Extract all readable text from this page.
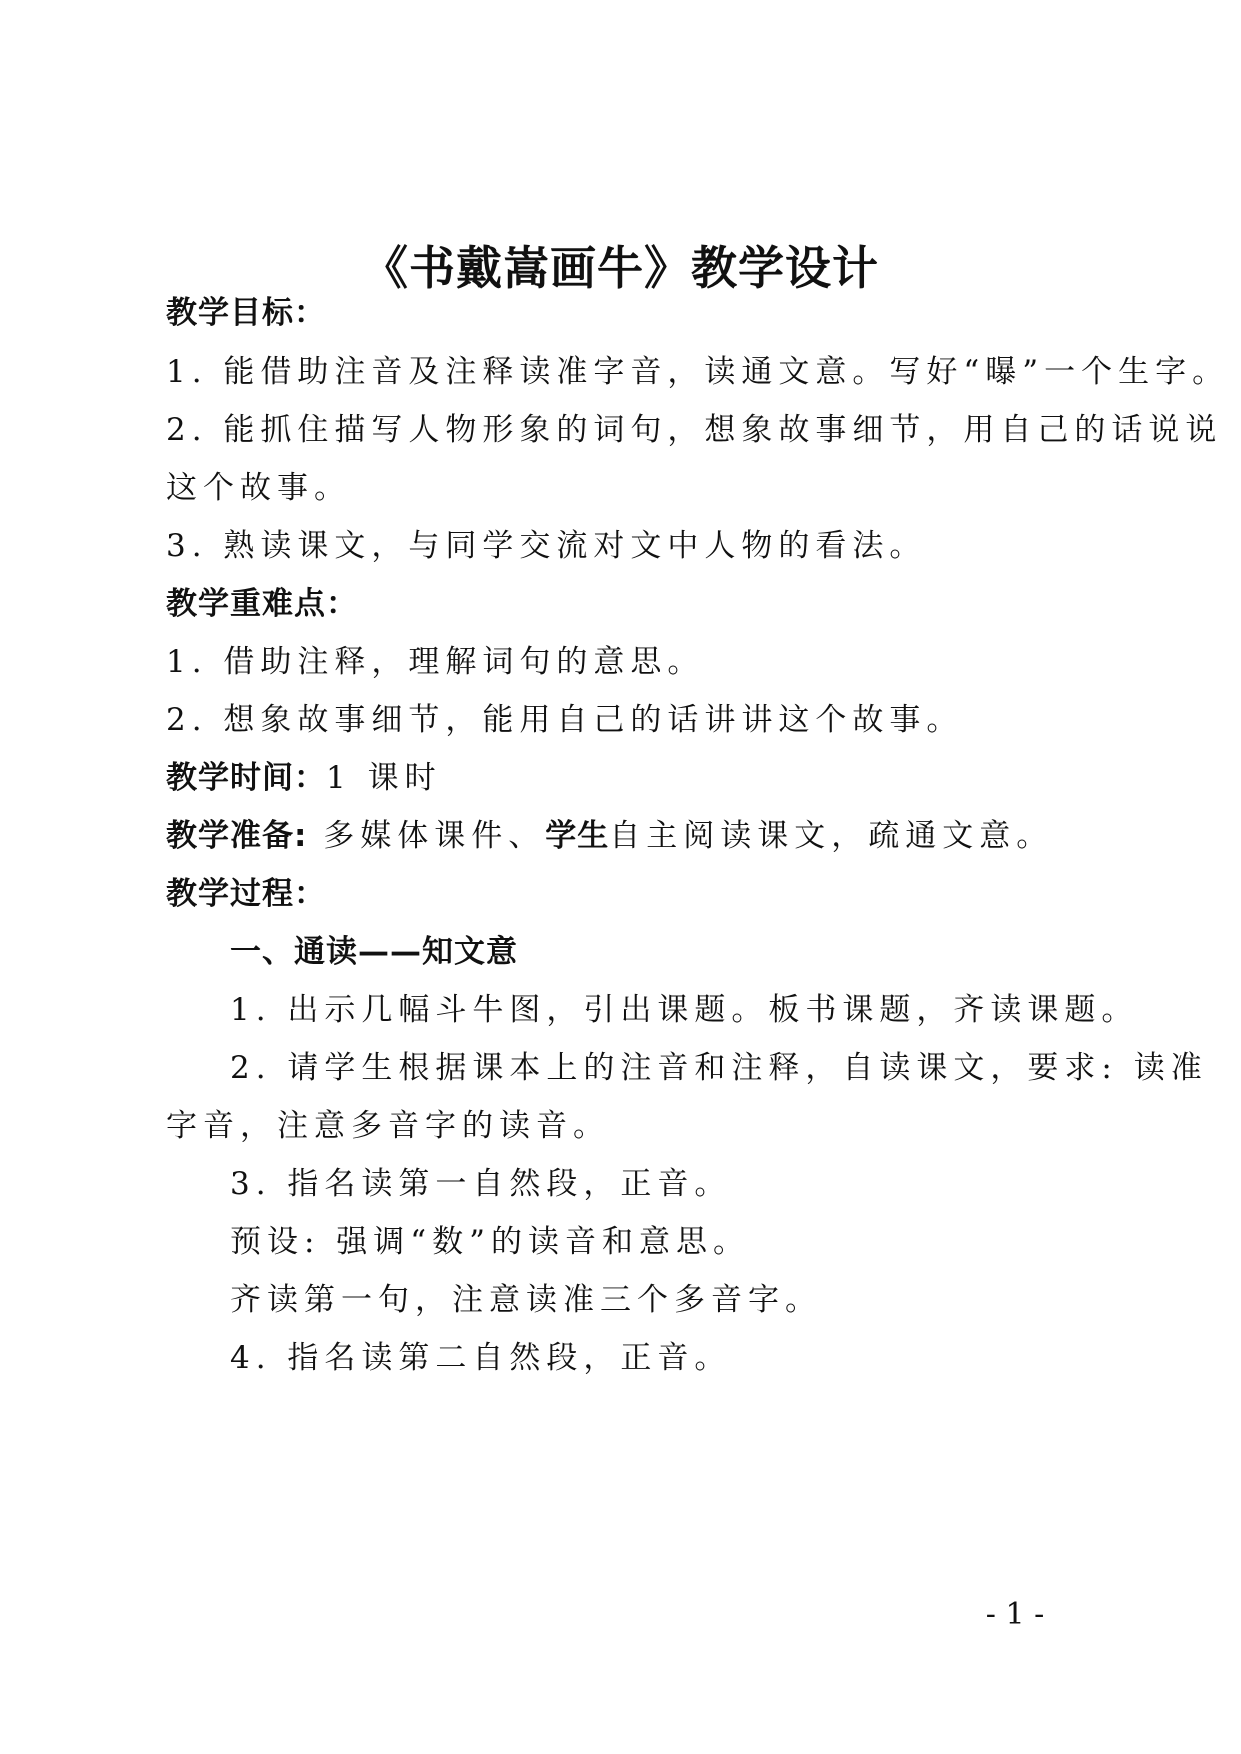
《书戴嵩画牛》教学设计
教学目标：
1. 能借助注音及注释读准字音，读通文意。写好“曝”一个生字。
2. 能抓住描写人物形象的词句，想象故事细节，用自己的话说说
这个故事。
3. 熟读课文，与同学交流对文中人物的看法。
教学重难点：
1. 借助注释，理解词句的意思。
2. 想象故事细节，能用自己的话讲讲这个故事。
教学时间：1 课时
教学准备: 多媒体课件、学生自主阅读课文，疏通文意。
教学过程：
一、通读——知文意
1. 出示几幅斗牛图，引出课题。板书课题，齐读课题。
2. 请学生根据课本上的注音和注释，自读课文，要求: 读准
字音，注意多音字的读音。
3. 指名读第一自然段，正音。
预设: 强调“数”的读音和意思。
齐读第一句，注意读准三个多音字。
4. 指名读第二自然段，正音。
- 1 -
